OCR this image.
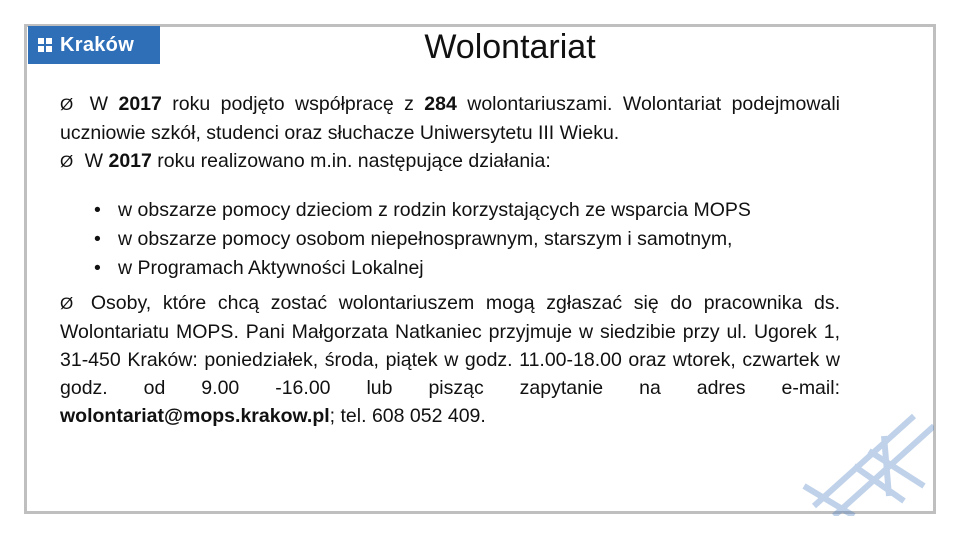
Kraków	Wolontariat

Ø W 2017 roku podjęto współpracę z 284 wolontariuszami. Wolontariat podejmowali uczniowie szkół, studenci oraz słuchacze Uniwersytetu III Wieku.

Ø W 2017 roku realizowano m.in. następujące działania:

• w obszarze pomocy dzieciom z rodzin korzystających ze wsparcia MOPS
• w obszarze pomocy osobom niepełnosprawnym, starszym i samotnym,
• w Programach Aktywności Lokalnej

Ø Osoby, które chcą zostać wolontariuszem mogą zgłaszać się do pracownika ds. Wolontariatu MOPS. Pani Małgorzata Natkaniec przyjmuje w siedzibie przy ul. Ugorek 1, 31-450 Kraków: poniedziałek, środa, piątek w godz. 11.00-18.00 oraz wtorek, czwartek w godz. od 9.00 -16.00 lub pisząc zapytanie na adres e-mail:

wolontariat@mops.krakow.pl; tel. 608 052 409.
